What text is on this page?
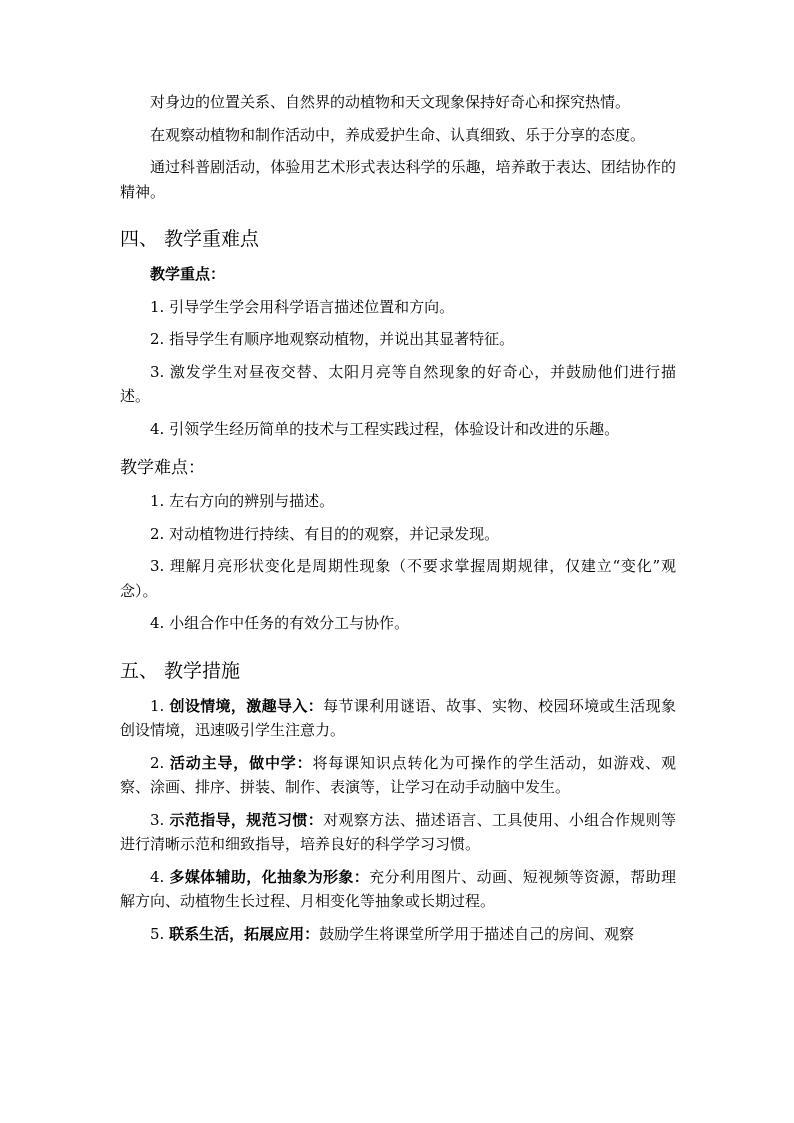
对身边的位置关系、自然界的动植物和天文现象保持好奇心和探究热情。

在观察动植物和制作活动中，养成爱护生命、认真细致、乐于分享的态度。

通过科普剧活动，体验用艺术形式表达科学的乐趣，培养敢于表达、团结协作的精神。

四、 教学重难点

教学重点：

1. 引导学生学会用科学语言描述位置和方向。

2. 指导学生有顺序地观察动植物，并说出其显著特征。

3. 激发学生对昼夜交替、太阳月亮等自然现象的好奇心，并鼓励他们进行描述。

4. 引领学生经历简单的技术与工程实践过程，体验设计和改进的乐趣。

教学难点：

1. 左右方向的辨别与描述。

2. 对动植物进行持续、有目的的观察，并记录发现。

3. 理解月亮形状变化是周期性现象（不要求掌握周期规律，仅建立“变化”观念）。

4. 小组合作中任务的有效分工与协作。

五、 教学措施

1. 创设情境，激趣导入：每节课利用谜语、故事、实物、校园环境或生活现象创设情境，迅速吸引学生注意力。

2. 活动主导，做中学：将每课知识点转化为可操作的学生活动，如游戏、观察、涂画、排序、拼装、制作、表演等，让学习在动手动脑中发生。

3. 示范指导，规范习惯：对观察方法、描述语言、工具使用、小组合作规则等进行清晰示范和细致指导，培养良好的科学学习习惯。

4. 多媒体辅助，化抽象为形象：充分利用图片、动画、短视频等资源，帮助理解方向、动植物生长过程、月相变化等抽象或长期过程。

5. 联系生活，拓展应用：鼓励学生将课堂所学用于描述自己的房间、观察
